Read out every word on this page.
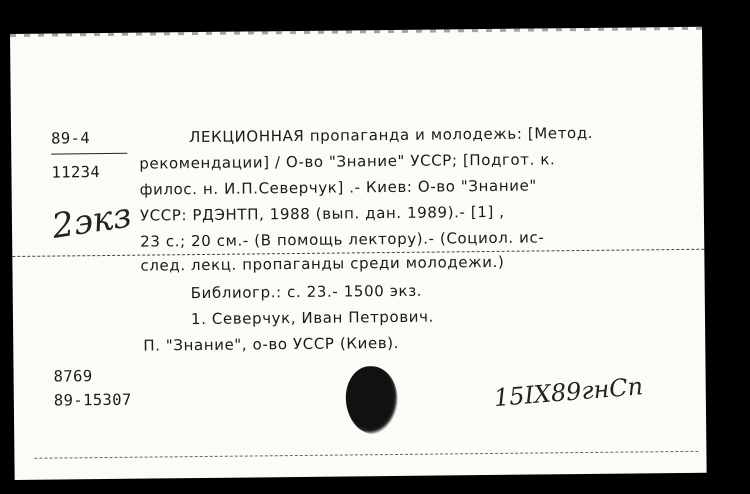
89-4
11234
2экз
ЛЕКЦИОННАЯ пропаганда и молодежь: [Метод.
рекомендации] / О-во "Знание" УССР; [Подгот. к.
филос. н. И.П.Северчук] .- Киев: О-во "Знание"
УССР: РДЭНТП, 1988 (вып. дан. 1989).- [1] ,
23 с.; 20 см.- (В помощь лектору).- (Социол. ис-
след. лекц. пропаганды среди молодежи.)
Библиогр.: с. 23.- 1500 экз.
1. Северчук, Иван Петрович.
П. "Знание", о-во УССР (Киев).
8769
89-15307	15IX89гнСп
